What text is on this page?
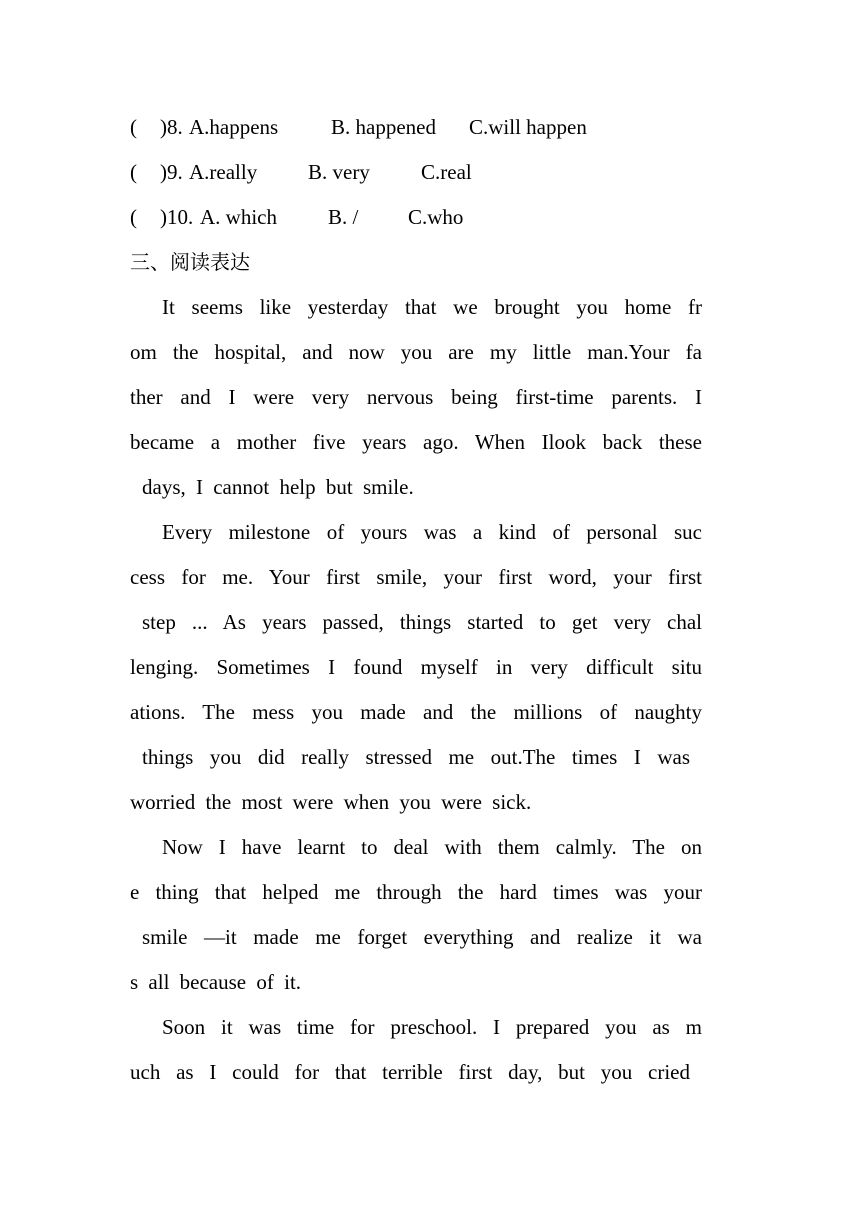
(

)

8.

A.happens

	B. happened

C.will happen

(

)

9.

A.really

B. very

C.real

(

)

10.

A. which

B. /

C.who

三、阅读表达
It seems like yesterday that we brought you home fr
om the hospital, and now you are my little man.Your fa
ther and I were very nervous being first-time parents. I
became a mother five years ago. When Ilook back these
days, I cannot help but smile.
Every milestone of yours was a kind of personal suc
cess for me. Your first smile, your first word, your first
step ... As years passed, things started to get very chal
lenging. Sometimes I found myself in very difficult situ
ations. The mess you made and the millions of naughty
things you did really stressed me out.The times I was
worried the most were when you were sick.
Now I have learnt to deal with them calmly. The on
e thing that helped me through the hard times was your
smile —it made me forget everything and realize it wa
s all because of it.
Soon it was time for preschool. I prepared you as m
uch as I could for that terrible first day, but you cried
